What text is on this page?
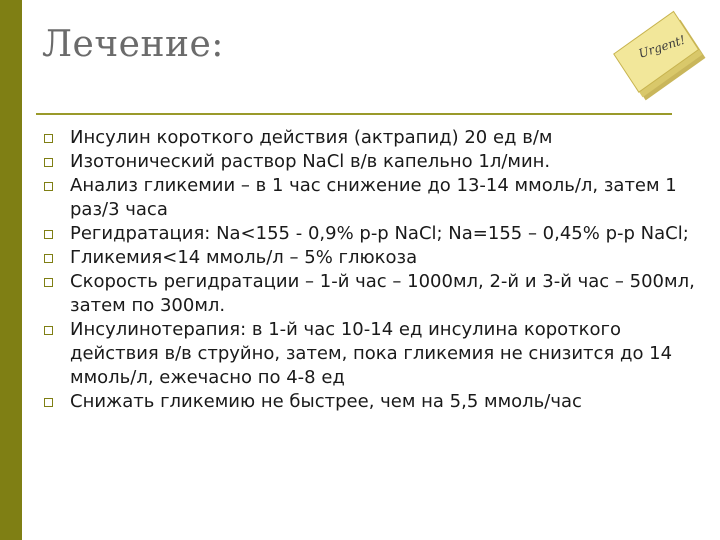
Лечение:	Urgent!
Инсулин короткого действия (актрапид) 20 ед в/м
Изотонический раствор NaCl в/в капельно 1л/мин.
Анализ гликемии – в 1 час снижение до 13-14 ммоль/л, затем 1 раз/3 часа
Регидратация: Na<155 - 0,9% р-р NaCl; Na=155 – 0,45% р-р NaCl;
Гликемия<14 ммоль/л – 5% глюкоза
Скорость регидратации – 1-й час – 1000мл, 2-й и 3-й час – 500мл, затем по 300мл.
Инсулинотерапия: в 1-й час 10-14 ед инсулина короткого действия в/в струйно, затем, пока гликемия не снизится до 14 ммоль/л, ежечасно по 4-8 ед
Снижать гликемию не быстрее, чем на 5,5 ммоль/час
